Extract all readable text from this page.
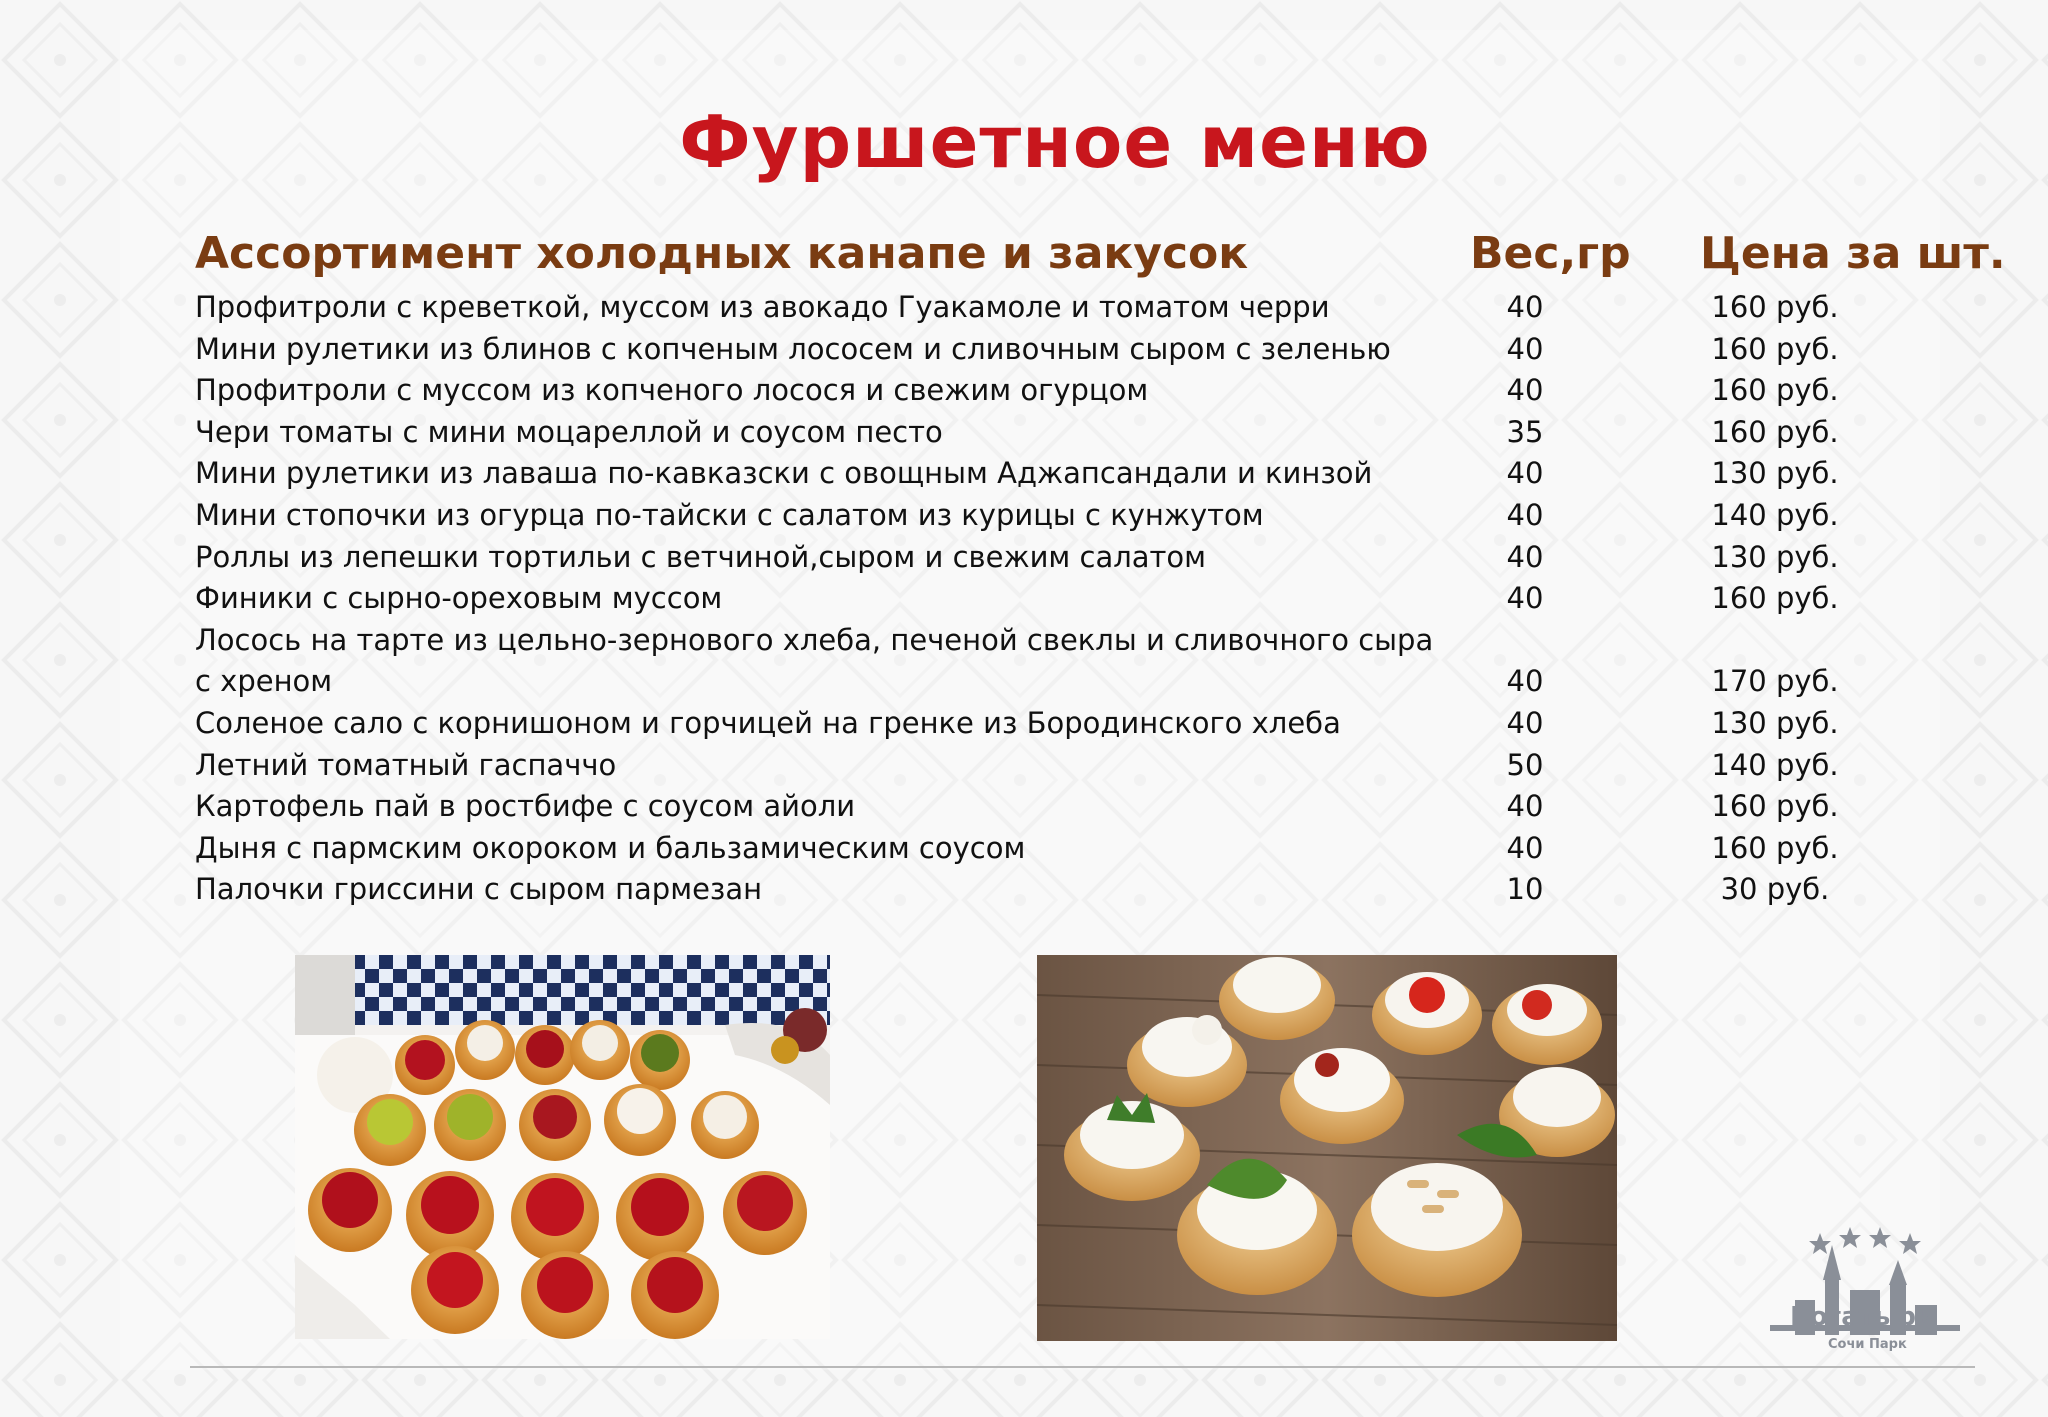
Фуршетное меню
Ассортимент холодных канапе и закусок	Вес,гр Цена за шт.
Профитроли с креветкой, муссом из авокадо Гуакамоле и томатом черри	40	160 руб.
Мини рулетики из блинов с копченым лососем и сливочным сыром с зеленью	40	160 руб.
Профитроли с муссом из копченого лосося и свежим огурцом	40	160 руб.
Чери томаты с мини моцареллой и соусом песто	35	160 руб.
Мини рулетики из лаваша по-кавказски с овощным Аджапсандали и кинзой	40	130 руб.
Мини стопочки из огурца по-тайски с салатом из курицы с кунжутом	40	140 руб.
Роллы из лепешки тортильи с ветчиной,сыром и свежим салатом	40	130 руб.
Финики с сырно-ореховым муссом	40	160 руб.
Лосось на тарте из цельно-зернового хлеба, печеной свеклы и сливочного сыра
с хреном	40	170 руб.
Соленое сало с корнишоном и горчицей на гренке из Бородинского хлеба	40	130 руб.
Летний томатный гаспаччо	50	140 руб.
Картофель пай в ростбифе с соусом айоли	40	160 руб.
Дыня с пармским окороком и бальзамическим соусом	40	160 руб.
Палочки гриссини с сыром пармезан	10	30 руб.
Богатырь
Сочи Парк
